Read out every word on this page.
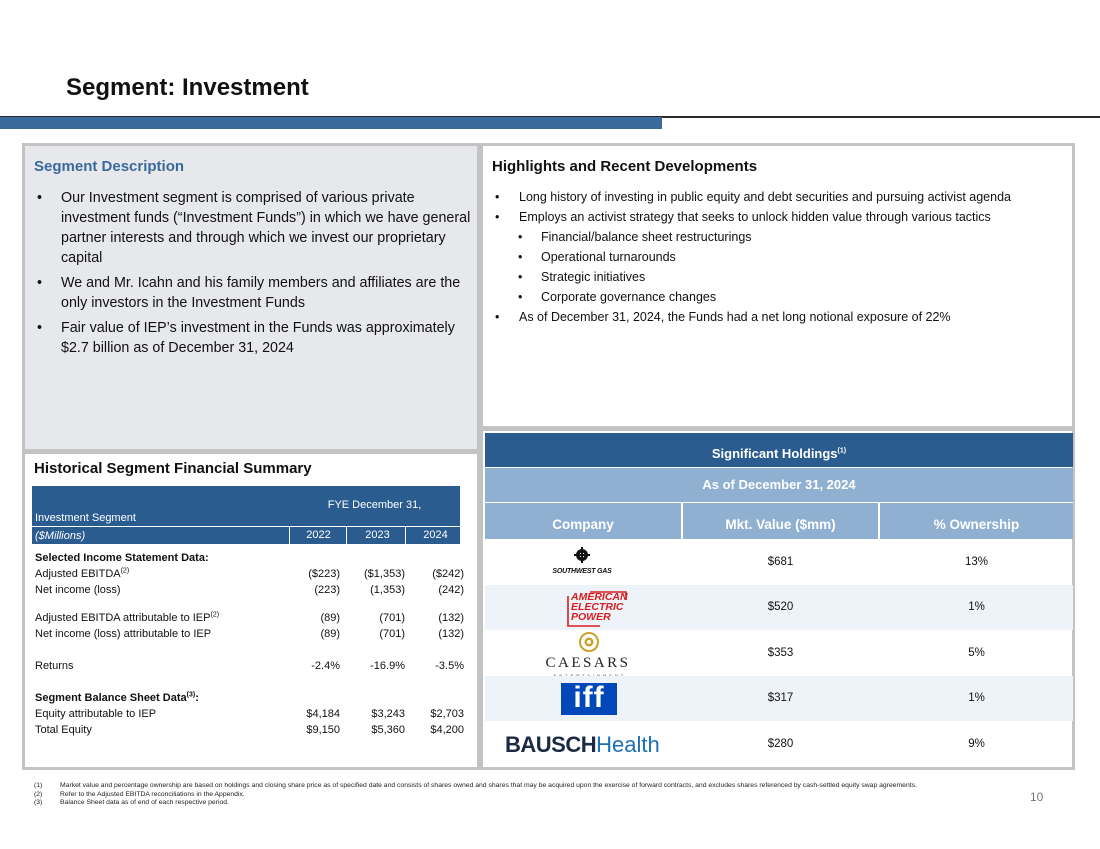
Segment: Investment
Segment Description
• Our Investment segment is comprised of various private investment funds (“Investment Funds”) in which we have general partner interests and through which we invest our proprietary capital
• We and Mr. Icahn and his family members and affiliates are the only investors in the Investment Funds
• Fair value of IEP’s investment in the Funds was approximately $2.7 billion as of December 31, 2024
Highlights and Recent Developments
• Long history of investing in public equity and debt securities and pursuing activist agenda
• Employs an activist strategy that seeks to unlock hidden value through various tactics
• Financial/balance sheet restructurings
• Operational turnarounds
• Strategic initiatives
• Corporate governance changes
• As of December 31, 2024, the Funds had a net long notional exposure of 22%
Historical Segment Financial Summary
Investment Segment
($Millions)
FYE December 31,
2022	2023	2024
Selected Income Statement Data:
Adjusted EBITDA$^{(2)}$	($223)	($1,353)	($242)
Net income (loss)	(223)	(1,353)	(242)
Adjusted EBITDA attributable to IEP$^{(2)}$	(89)	(701)	(132)
Net income (loss) attributable to IEP	(89)	(701)	(132)
Returns	-2.4%	-16.9%	-3.5%
Segment Balance Sheet Data$^{(3)}$:
Equity attributable to IEP	$4,184	$3,243	$2,703
Total Equity	$9,150	$5,360	$4,200
Significant Holdings$^{(1)}$
As of December 31, 2024
Company	Mkt. Value ($mm)	% Ownership
SOUTHWEST GAS
$681	13%
AMERICAN
ELECTRIC
POWER
$520	1%
CAESARS
$353	5%
iff	$317	1%
BAUSCHHealth	$280	9%
(1)	Market value and percentage ownership are based on holdings and closing share price as of specified date and consists of shares owned and shares that may be acquired upon the exercise of forward contracts, and excludes shares referenced by cash-settled equity swap agreements.
(2)	Refer to the Adjusted EBITDA reconciliations in the Appendix.
(3)	Balance Sheet data as of end of each respective period.	10
